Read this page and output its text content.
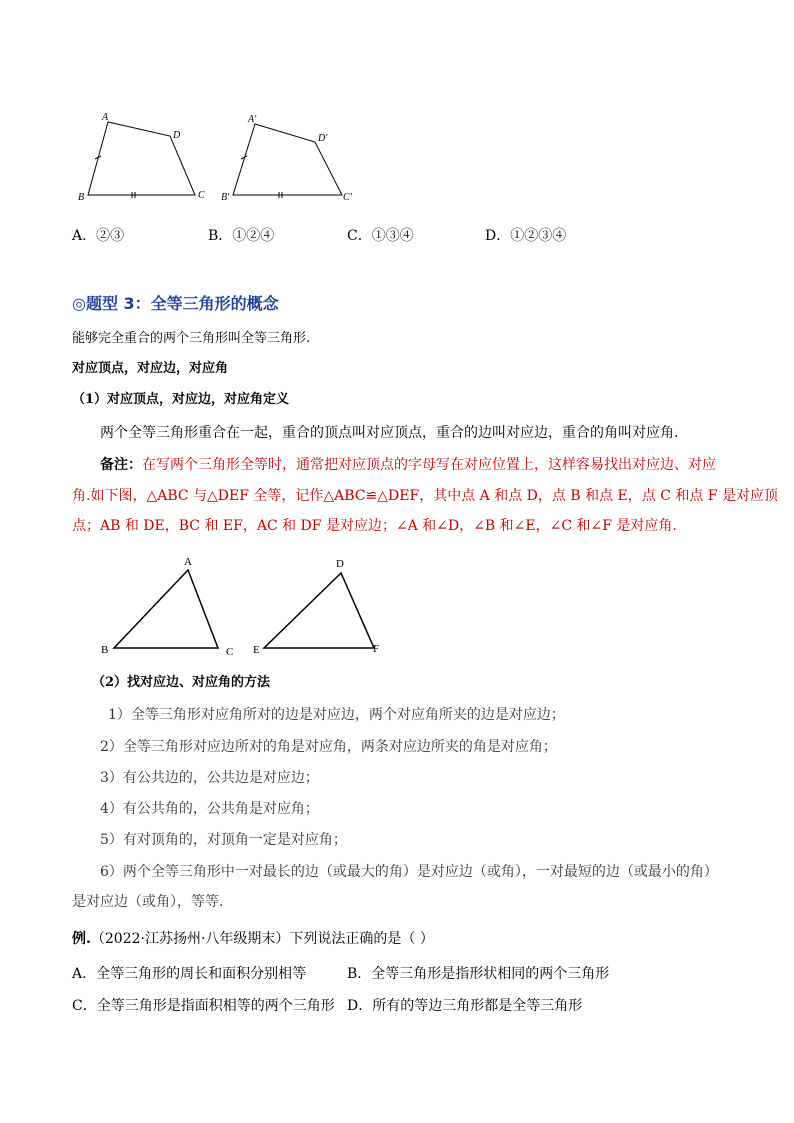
A
D
B	C
A'
D'
B'	C'
A．②③	B．①②④	C．①③④	D．①②③④
◎题型 3：全等三角形的概念
能够完全重合的两个三角形叫全等三角形.
对应顶点，对应边，对应角
（1）对应顶点，对应边，对应角定义
两个全等三角形重合在一起，重合的顶点叫对应顶点，重合的边叫对应边，重合的角叫对应角.
备注：在写两个三角形全等时，通常把对应顶点的字母写在对应位置上，这样容易找出对应边、对应
角.如下图，△ABC 与△DEF 全等，记作△ABC≌△DEF，其中点 A 和点 D，点 B 和点 E，点 C 和点 F 是对应顶
点；AB 和 DE，BC 和 EF，AC 和 DF 是对应边；∠A 和∠D，∠B 和∠E，∠C 和∠F 是对应角.
A
B	C
D
E	F
（2）找对应边、对应角的方法
1）全等三角形对应角所对的边是对应边，两个对应角所夹的边是对应边；
2）全等三角形对应边所对的角是对应角，两条对应边所夹的角是对应角；
3）有公共边的，公共边是对应边；
4）有公共角的，公共角是对应角；
5）有对顶角的，对顶角一定是对应角；
6）两个全等三角形中一对最长的边（或最大的角）是对应边（或角），一对最短的边（或最小的角）
是对应边（或角），等等.
例.（2022·江苏扬州·八年级期末）下列说法正确的是（ ）
A．全等三角形的周长和面积分别相等	B．全等三角形是指形状相同的两个三角形
C．全等三角形是指面积相等的两个三角形 D．所有的等边三角形都是全等三角形
